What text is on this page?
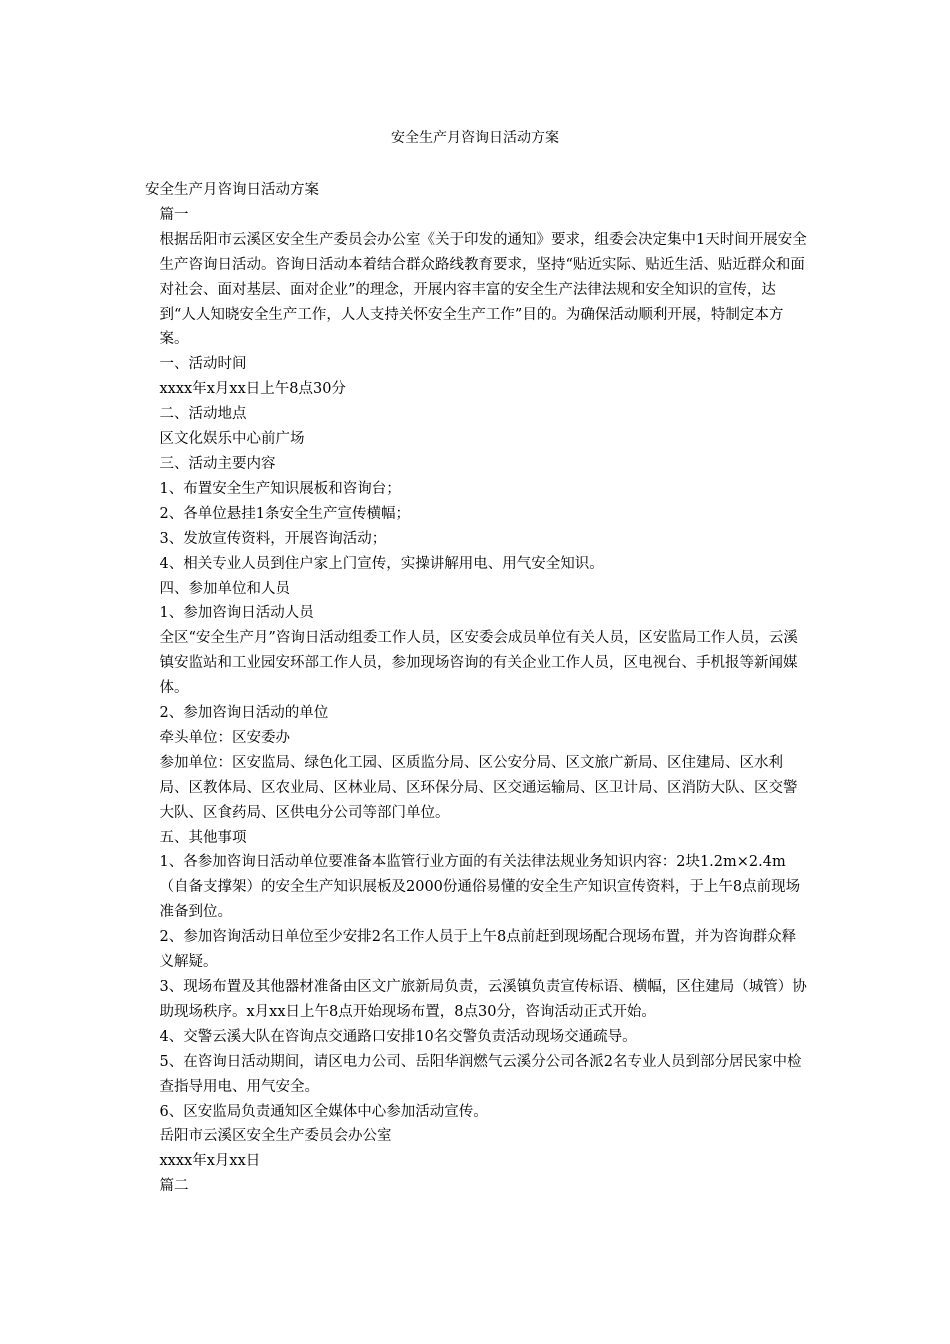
安全生产月咨询日活动方案

安全生产月咨询日活动方案

篇一

根据岳阳市云溪区安全生产委员会办公室《关于印发的通知》要求，组委会决定集中1天时间开展安全生产咨询日活动。咨询日活动本着结合群众路线教育要求，坚持“贴近实际、贴近生活、贴近群众和面对社会、面对基层、面对企业”的理念，开展内容丰富的安全生产法律法规和安全知识的宣传，达到“人人知晓安全生产工作，人人支持关怀安全生产工作”目的。为确保活动顺利开展，特制定本方案。

一、活动时间

xxxx年x月xx日上午8点30分

二、活动地点

区文化娱乐中心前广场

三、活动主要内容

1、布置安全生产知识展板和咨询台；

2、各单位悬挂1条安全生产宣传横幅；

3、发放宣传资料，开展咨询活动；

4、相关专业人员到住户家上门宣传，实操讲解用电、用气安全知识。

四、参加单位和人员

1、参加咨询日活动人员

全区“安全生产月”咨询日活动组委工作人员，区安委会成员单位有关人员，区安监局工作人员，云溪镇安监站和工业园安环部工作人员，参加现场咨询的有关企业工作人员，区电视台、手机报等新闻媒体。

2、参加咨询日活动的单位

牵头单位：区安委办

参加单位：区安监局、绿色化工园、区质监分局、区公安分局、区文旅广新局、区住建局、区水利局、区教体局、区农业局、区林业局、区环保分局、区交通运输局、区卫计局、区消防大队、区交警大队、区食药局、区供电分公司等部门单位。

五、其他事项

1、各参加咨询日活动单位要准备本监管行业方面的有关法律法规业务知识内容：2块1.2m×2.4m（自备支撑架）的安全生产知识展板及2000份通俗易懂的安全生产知识宣传资料，于上午8点前现场准备到位。

2、参加咨询活动日单位至少安排2名工作人员于上午8点前赶到现场配合现场布置，并为咨询群众释义解疑。

3、现场布置及其他器材准备由区文广旅新局负责，云溪镇负责宣传标语、横幅，区住建局（城管）协助现场秩序。x月xx日上午8点开始现场布置，8点30分，咨询活动正式开始。

4、交警云溪大队在咨询点交通路口安排10名交警负责活动现场交通疏导。

5、在咨询日活动期间，请区电力公司、岳阳华润燃气云溪分公司各派2名专业人员到部分居民家中检查指导用电、用气安全。

6、区安监局负责通知区全媒体中心参加活动宣传。

岳阳市云溪区安全生产委员会办公室

xxxx年x月xx日

篇二
